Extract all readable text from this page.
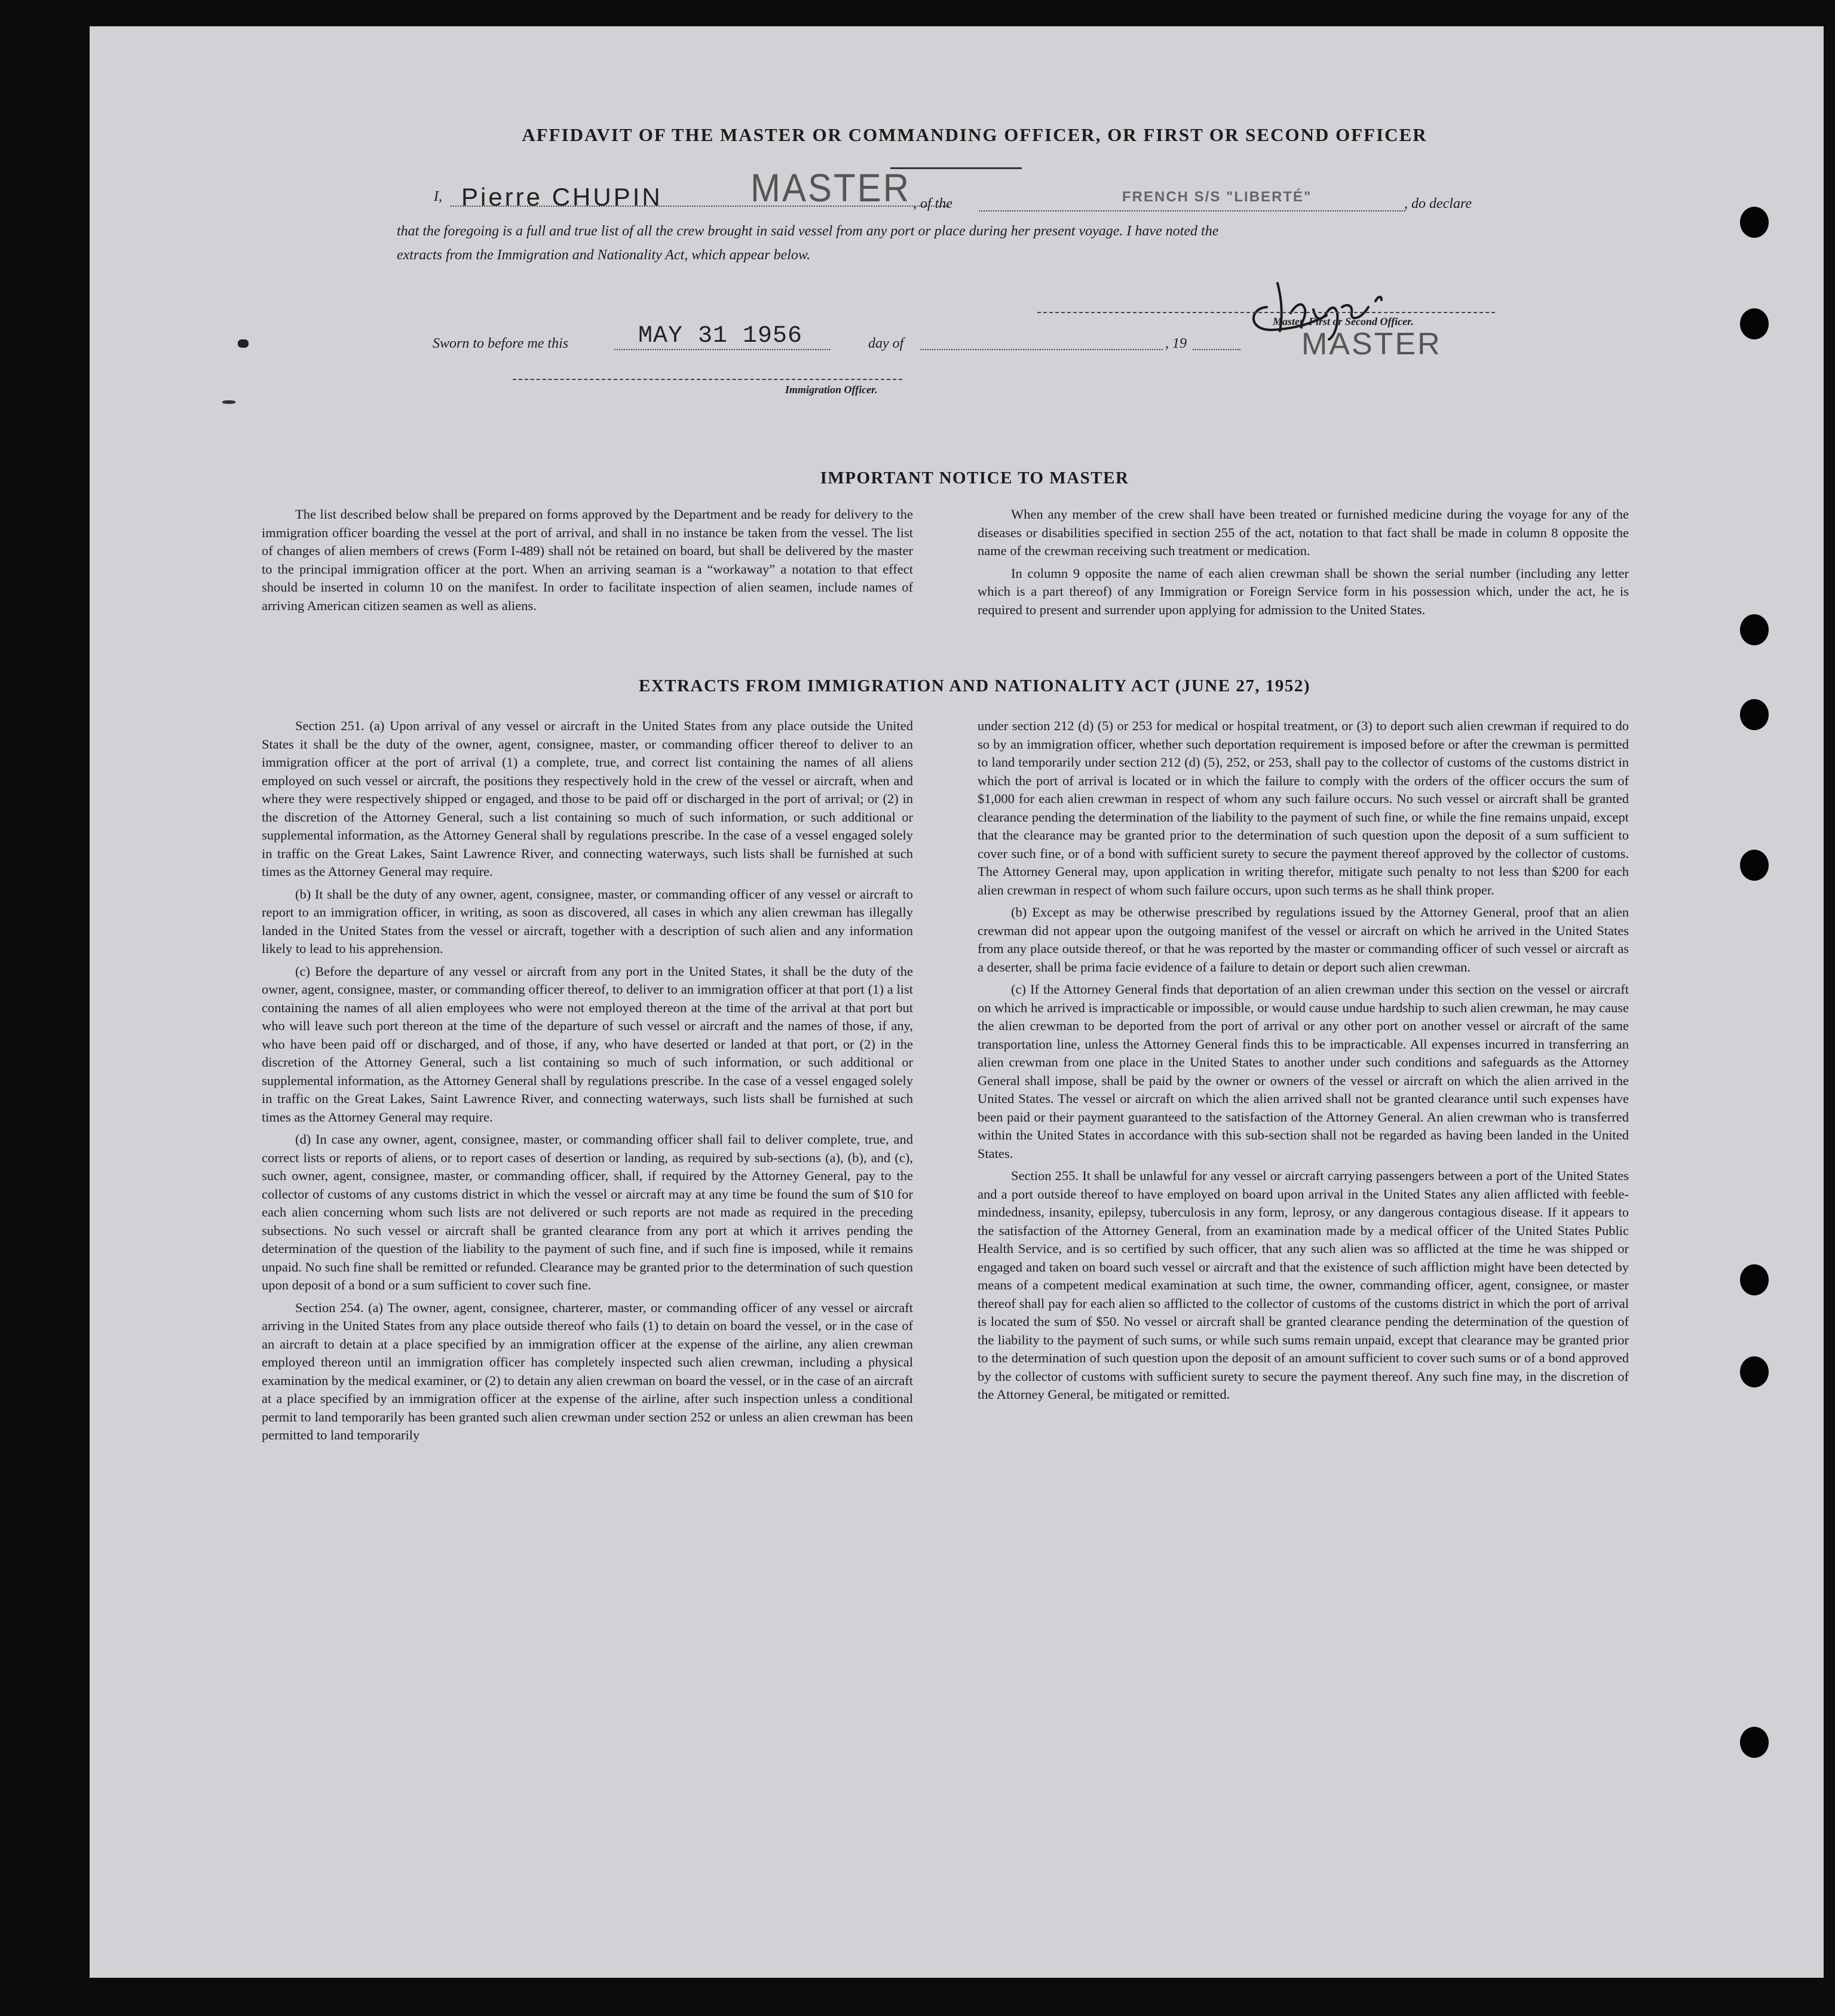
AFFIDAVIT OF THE MASTER OR COMMANDING OFFICER, OR FIRST OR SECOND OFFICER
I, Pierre CHUPIN MASTER , of the	FRENCH S/S "LIBERTÉ"	, do declare
that the foregoing is a full and true list of all the crew brought in said vessel from any port or place during her present voyage. I have noted the
extracts from the Immigration and Nationality Act, which appear below.
Master, First or Second Officer.
MASTER
Sworn to before me this	MAY 31 1956	day of	, 19
Immigration Officer.
IMPORTANT NOTICE TO MASTER

The list described below shall be prepared on forms approved by the Department and be ready for delivery to the immigration officer boarding the vessel at the port of arrival, and shall in no instance be taken from the vessel. The list of changes of alien members of crews (Form I-489) shall nót be retained on board, but shall be delivered by the master to the principal immigration officer at the port. When an arriving seaman is a “workaway” a notation to that effect should be inserted in column 10 on the manifest. In order to facilitate inspection of alien seamen, include names of arriving American citizen seamen as well as aliens.

When any member of the crew shall have been treated or furnished medicine during the voyage for any of the diseases or disabilities specified in section 255 of the act, notation to that fact shall be made in column 8 opposite the name of the crewman receiving such treatment or medication.

In column 9 opposite the name of each alien crewman shall be shown the serial number (including any letter which is a part thereof) of any Immigration or Foreign Service form in his possession which, under the act, he is required to present and surrender upon applying for admission to the United States.

EXTRACTS FROM IMMIGRATION AND NATIONALITY ACT (JUNE 27, 1952)

Section 251. (a) Upon arrival of any vessel or aircraft in the United States from any place outside the United States it shall be the duty of the owner, agent, consignee, master, or commanding officer thereof to deliver to an immigration officer at the port of arrival (1) a complete, true, and correct list containing the names of all aliens employed on such vessel or aircraft, the positions they respectively hold in the crew of the vessel or aircraft, when and where they were respectively shipped or engaged, and those to be paid off or discharged in the port of arrival; or (2) in the discretion of the Attorney General, such a list containing so much of such information, or such additional or supplemental information, as the Attorney General shall by regulations prescribe. In the case of a vessel engaged solely in traffic on the Great Lakes, Saint Lawrence River, and connecting waterways, such lists shall be furnished at such times as the Attorney General may require.

(b) It shall be the duty of any owner, agent, consignee, master, or commanding officer of any vessel or aircraft to report to an immigration officer, in writing, as soon as discovered, all cases in which any alien crewman has illegally landed in the United States from the vessel or aircraft, together with a description of such alien and any information likely to lead to his apprehension.

(c) Before the departure of any vessel or aircraft from any port in the United States, it shall be the duty of the owner, agent, consignee, master, or commanding officer thereof, to deliver to an immigration officer at that port (1) a list containing the names of all alien employees who were not employed thereon at the time of the arrival at that port but who will leave such port thereon at the time of the departure of such vessel or aircraft and the names of those, if any, who have been paid off or discharged, and of those, if any, who have deserted or landed at that port, or (2) in the discretion of the Attorney General, such a list containing so much of such information, or such additional or supplemental information, as the Attorney General shall by regulations prescribe. In the case of a vessel engaged solely in traffic on the Great Lakes, Saint Lawrence River, and connecting waterways, such lists shall be furnished at such times as the Attorney General may require.

(d) In case any owner, agent, consignee, master, or commanding officer shall fail to deliver complete, true, and correct lists or reports of aliens, or to report cases of desertion or landing, as required by sub-sections (a), (b), and (c), such owner, agent, consignee, master, or commanding officer, shall, if required by the Attorney General, pay to the collector of customs of any customs district in which the vessel or aircraft may at any time be found the sum of $10 for each alien concerning whom such lists are not delivered or such reports are not made as required in the preceding subsections. No such vessel or aircraft shall be granted clearance from any port at which it arrives pending the determination of the question of the liability to the payment of such fine, and if such fine is imposed, while it remains unpaid. No such fine shall be remitted or refunded. Clearance may be granted prior to the determination of such question upon deposit of a bond or a sum sufficient to cover such fine.

Section 254. (a) The owner, agent, consignee, charterer, master, or commanding officer of any vessel or aircraft arriving in the United States from any place outside thereof who fails (1) to detain on board the vessel, or in the case of an aircraft to detain at a place specified by an immigration officer at the expense of the airline, any alien crewman employed thereon until an immigration officer has completely inspected such alien crewman, including a physical examination by the medical examiner, or (2) to detain any alien crewman on board the vessel, or in the case of an aircraft at a place specified by an immigration officer at the expense of the airline, after such inspection unless a conditional permit to land temporarily has been granted such alien crewman under section 252 or unless an alien crewman has been permitted to land temporarily

under section 212 (d) (5) or 253 for medical or hospital treatment, or (3) to deport such alien crewman if required to do so by an immigration officer, whether such deportation requirement is imposed before or after the crewman is permitted to land temporarily under section 212 (d) (5), 252, or 253, shall pay to the collector of customs of the customs district in which the port of arrival is located or in which the failure to comply with the orders of the officer occurs the sum of $1,000 for each alien crewman in respect of whom any such failure occurs. No such vessel or aircraft shall be granted clearance pending the determination of the liability to the payment of such fine, or while the fine remains unpaid, except that the clearance may be granted prior to the determination of such question upon the deposit of a sum sufficient to cover such fine, or of a bond with sufficient surety to secure the payment thereof approved by the collector of customs. The Attorney General may, upon application in writing therefor, mitigate such penalty to not less than $200 for each alien crewman in respect of whom such failure occurs, upon such terms as he shall think proper.

(b) Except as may be otherwise prescribed by regulations issued by the Attorney General, proof that an alien crewman did not appear upon the outgoing manifest of the vessel or aircraft on which he arrived in the United States from any place outside thereof, or that he was reported by the master or commanding officer of such vessel or aircraft as a deserter, shall be prima facie evidence of a failure to detain or deport such alien crewman.

(c) If the Attorney General finds that deportation of an alien crewman under this section on the vessel or aircraft on which he arrived is impracticable or impossible, or would cause undue hardship to such alien crewman, he may cause the alien crewman to be deported from the port of arrival or any other port on another vessel or aircraft of the same transportation line, unless the Attorney General finds this to be impracticable. All expenses incurred in transferring an alien crewman from one place in the United States to another under such conditions and safeguards as the Attorney General shall impose, shall be paid by the owner or owners of the vessel or aircraft on which the alien arrived in the United States. The vessel or aircraft on which the alien arrived shall not be granted clearance until such expenses have been paid or their payment guaranteed to the satisfaction of the Attorney General. An alien crewman who is transferred within the United States in accordance with this sub-section shall not be regarded as having been landed in the United States.

Section 255. It shall be unlawful for any vessel or aircraft carrying passengers between a port of the United States and a port outside thereof to have employed on board upon arrival in the United States any alien afflicted with feeble-mindedness, insanity, epilepsy, tuberculosis in any form, leprosy, or any dangerous contagious disease. If it appears to the satisfaction of the Attorney General, from an examination made by a medical officer of the United States Public Health Service, and is so certified by such officer, that any such alien was so afflicted at the time he was shipped or engaged and taken on board such vessel or aircraft and that the existence of such affliction might have been detected by means of a competent medical examination at such time, the owner, commanding officer, agent, consignee, or master thereof shall pay for each alien so afflicted to the collector of customs of the customs district in which the port of arrival is located the sum of $50. No vessel or aircraft shall be granted clearance pending the determination of the question of the liability to the payment of such sums, or while such sums remain unpaid, except that clearance may be granted prior to the determination of such question upon the deposit of an amount sufficient to cover such sums or of a bond approved by the collector of customs with sufficient surety to secure the payment thereof. Any such fine may, in the discretion of the Attorney General, be mitigated or remitted.
